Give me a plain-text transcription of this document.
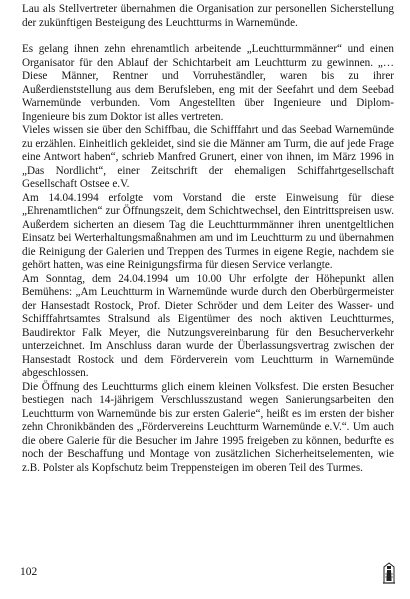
Lau als Stellvertreter übernahmen die Organisation zur personellen Sicherstellung der zukünftigen Besteigung des Leuchtturms in Warnemünde.

Es gelang ihnen zehn ehrenamtlich arbeitende „Leuchtturmmänner“ und einen Organisator für den Ablauf der Schichtarbeit am Leuchtturm zu gewinnen. „…Diese Männer, Rentner und Vorruheständler, waren bis zu ihrer Außerdienststellung aus dem Berufsleben, eng mit der Seefahrt und dem Seebad Warnemünde verbunden. Vom Angestellten über Ingenieure und Diplom-Ingenieure bis zum Doktor ist alles vertreten.

Vieles wissen sie über den Schiffbau, die Schifffahrt und das Seebad Warnemünde zu erzählen. Einheitlich gekleidet, sind sie die Männer am Turm, die auf jede Frage eine Antwort haben“, schrieb Manfred Grunert, einer von ihnen, im März 1996 in „Das Nordlicht“, einer Zeitschrift der ehemaligen Schiffahrtgesellschaft Gesellschaft Ostsee e.V.

Am 14.04.1994 erfolgte vom Vorstand die erste Einweisung für diese „Ehrenamtlichen“ zur Öffnungszeit, dem Schichtwechsel, den Eintrittspreisen usw. Außerdem sicherten an diesem Tag die Leuchtturmmänner ihren unentgeltlichen Einsatz bei Werterhaltungsmaßnahmen am und im Leuchtturm zu und übernahmen die Reinigung der Galerien und Treppen des Turmes in eigene Regie, nachdem sie gehört hatten, was eine Reinigungsfirma für diesen Service verlangte.

Am Sonntag, dem 24.04.1994 um 10.00 Uhr erfolgte der Höhepunkt allen Bemühens: „Am Leuchtturm in Warnemünde wurde durch den Oberbürgermeister der Hansestadt Rostock, Prof. Dieter Schröder und dem Leiter des Wasser- und Schifffahrtsamtes Stralsund als Eigentümer des noch aktiven Leuchtturmes, Baudirektor Falk Meyer, die Nutzungsvereinbarung für den Besucherverkehr unterzeichnet. Im Anschluss daran wurde der Überlassungsvertrag zwischen der Hansestadt Rostock und dem Förderverein vom Leuchtturm in Warnemünde abgeschlossen.

Die Öffnung des Leuchtturms glich einem kleinen Volksfest. Die ersten Besucher bestiegen nach 14-jährigem Verschlusszustand wegen Sanierungsarbeiten den Leuchtturm von Warnemünde bis zur ersten Galerie“, heißt es im ersten der bisher zehn Chronikbänden des „Fördervereins Leuchtturm Warnemünde e.V.“. Um auch die obere Galerie für die Besucher im Jahre 1995 freigeben zu können, bedurfte es noch der Beschaffung und Montage von zusätzlichen Sicherheitselementen, wie z.B. Polster als Kopfschutz beim Treppensteigen im oberen Teil des Turmes.

102
